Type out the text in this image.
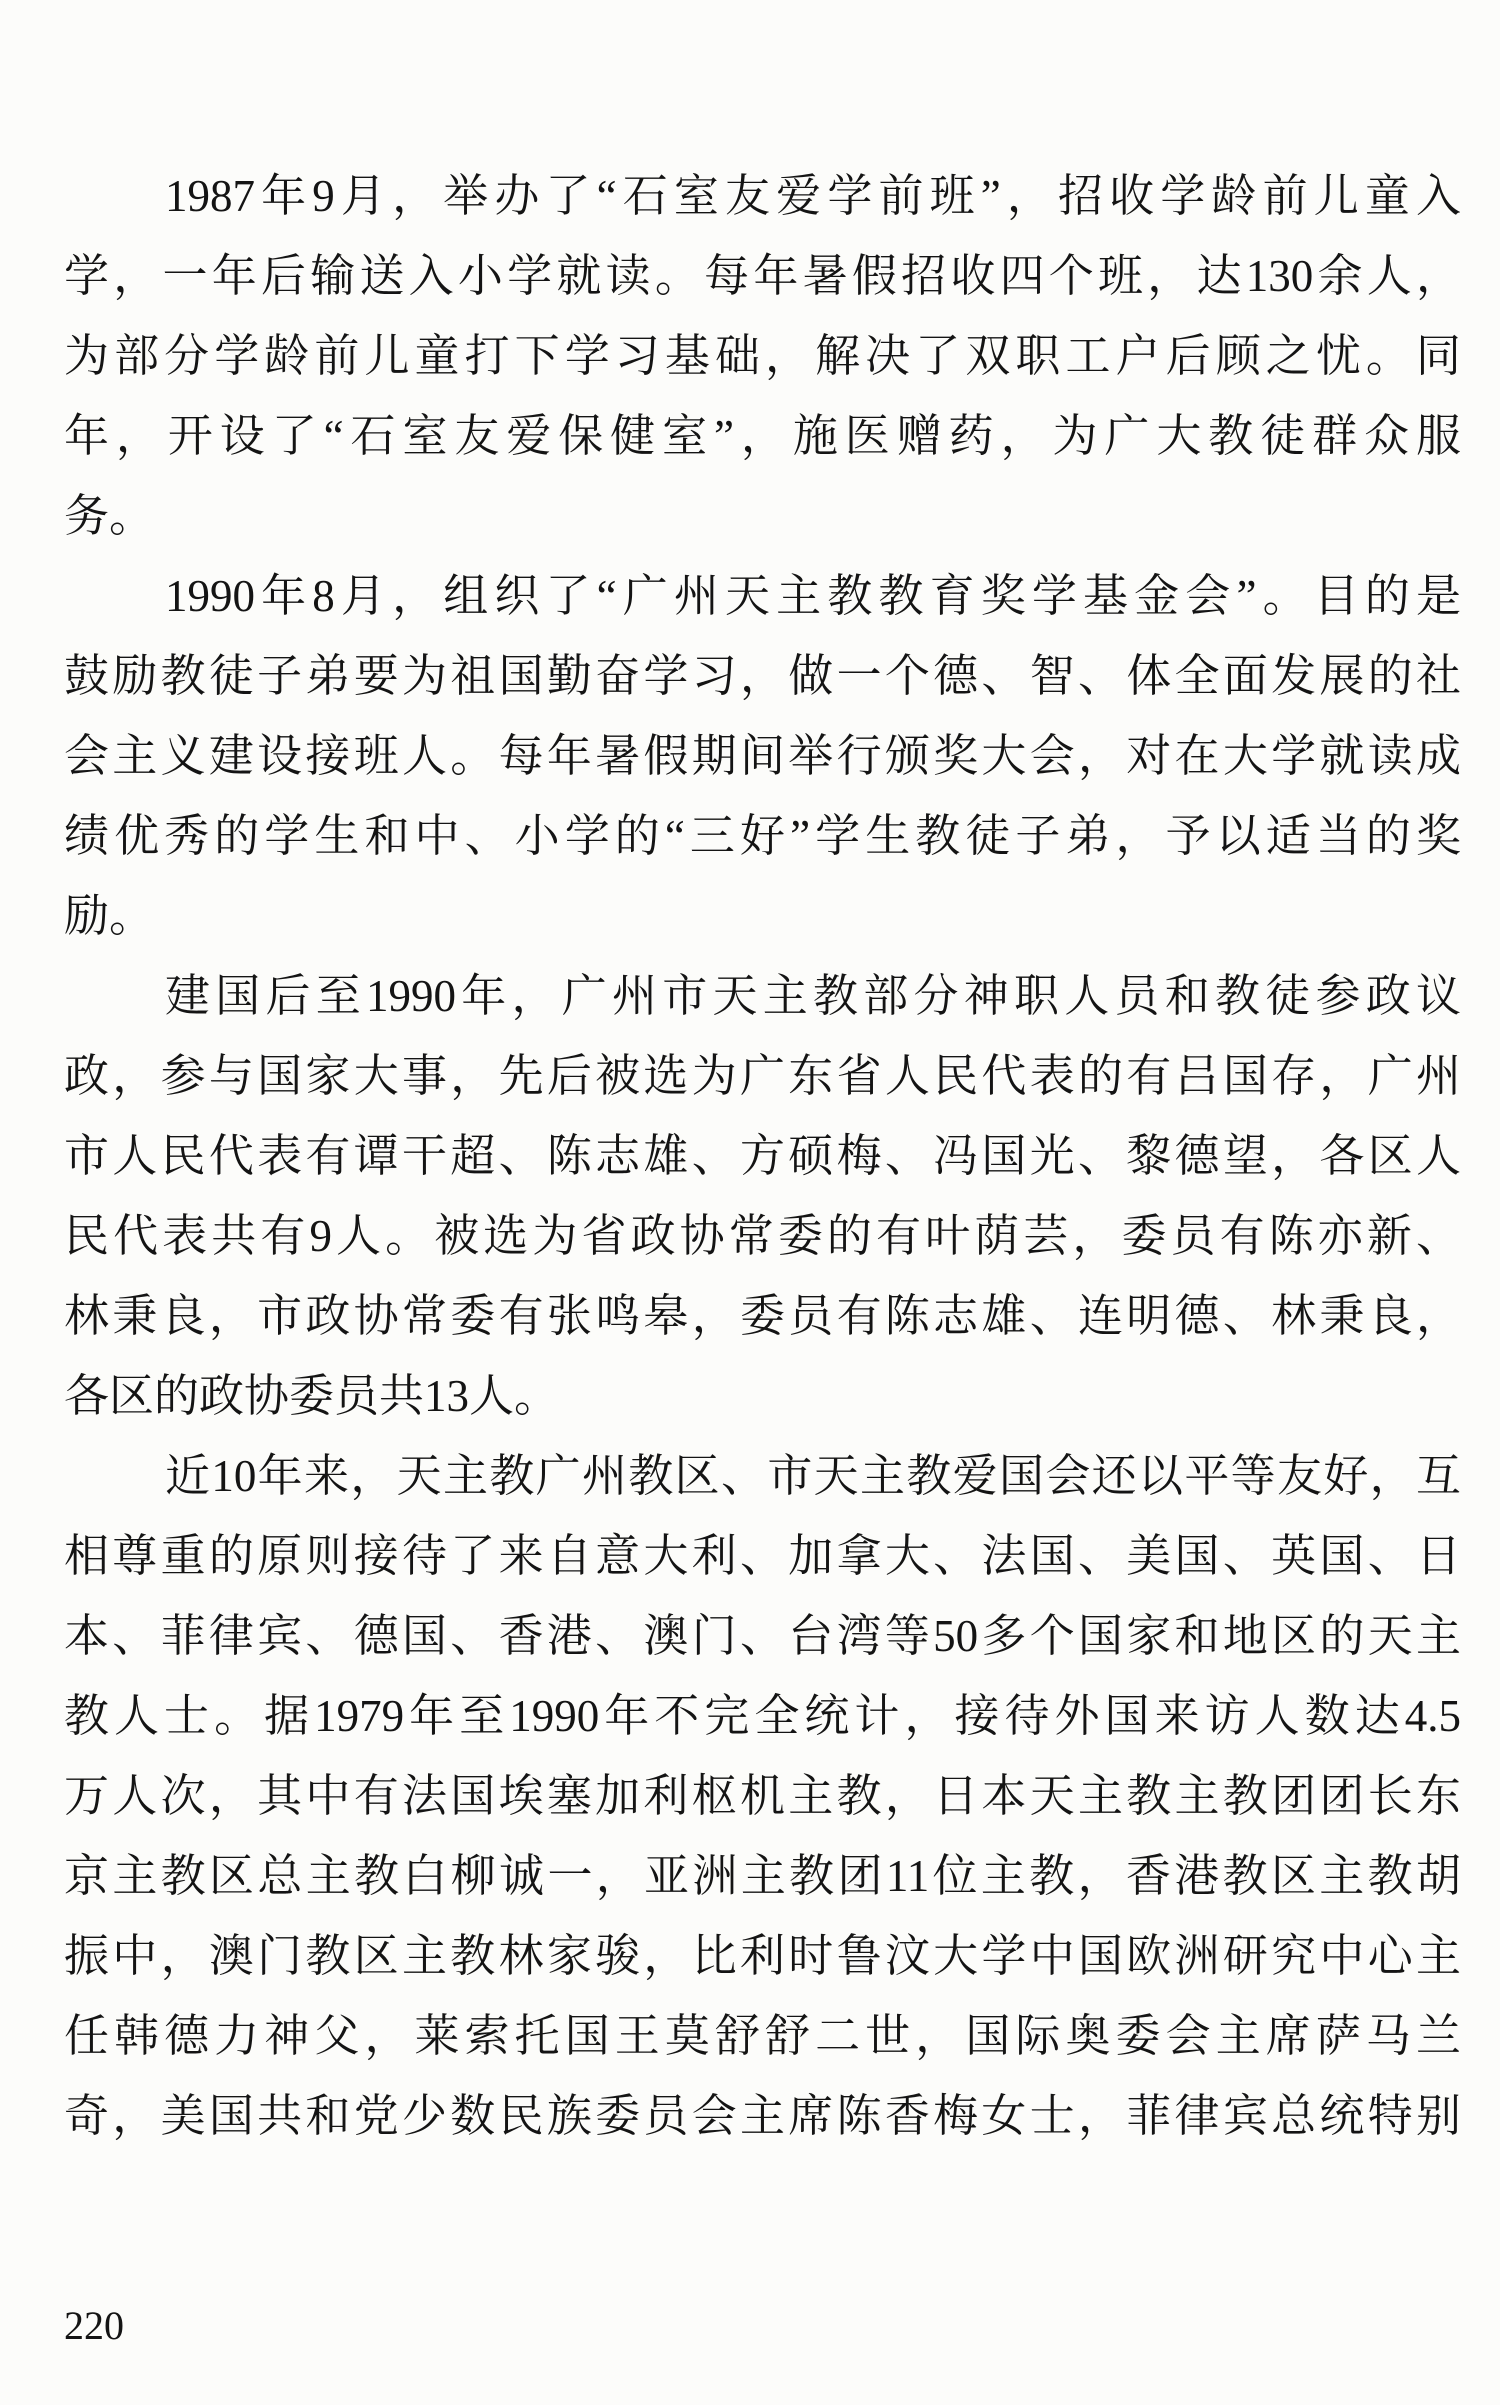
1987年9月，举办了“石室友爱学前班”，招收学龄前儿童入
学，一年后输送入小学就读。每年暑假招收四个班，达130余人，
为部分学龄前儿童打下学习基础，解决了双职工户后顾之忧。同
年，开设了“石室友爱保健室”，施医赠药，为广大教徒群众服
务。
1990年8月，组织了“广州天主教教育奖学基金会”。目的是
鼓励教徒子弟要为祖国勤奋学习，做一个德、智、体全面发展的社
会主义建设接班人。每年暑假期间举行颁奖大会，对在大学就读成
绩优秀的学生和中、小学的“三好”学生教徒子弟，予以适当的奖
励。
建国后至1990年，广州市天主教部分神职人员和教徒参政议
政，参与国家大事，先后被选为广东省人民代表的有吕国存，广州
市人民代表有谭干超、陈志雄、方硕梅、冯国光、黎德望，各区人
民代表共有9人。被选为省政协常委的有叶荫芸，委员有陈亦新、
林秉良，市政协常委有张鸣皋，委员有陈志雄、连明德、林秉良，
各区的政协委员共13人。
近10年来，天主教广州教区、市天主教爱国会还以平等友好，互
相尊重的原则接待了来自意大利、加拿大、法国、美国、英国、日
本、菲律宾、德国、香港、澳门、台湾等50多个国家和地区的天主
教人士。据1979年至1990年不完全统计，接待外国来访人数达4.5
万人次，其中有法国埃塞加利枢机主教，日本天主教主教团团长东
京主教区总主教白柳诚一，亚洲主教团11位主教，香港教区主教胡
振中，澳门教区主教林家骏，比利时鲁汶大学中国欧洲研究中心主
任韩德力神父，莱索托国王莫舒舒二世，国际奥委会主席萨马兰
奇，美国共和党少数民族委员会主席陈香梅女士，菲律宾总统特别
220
